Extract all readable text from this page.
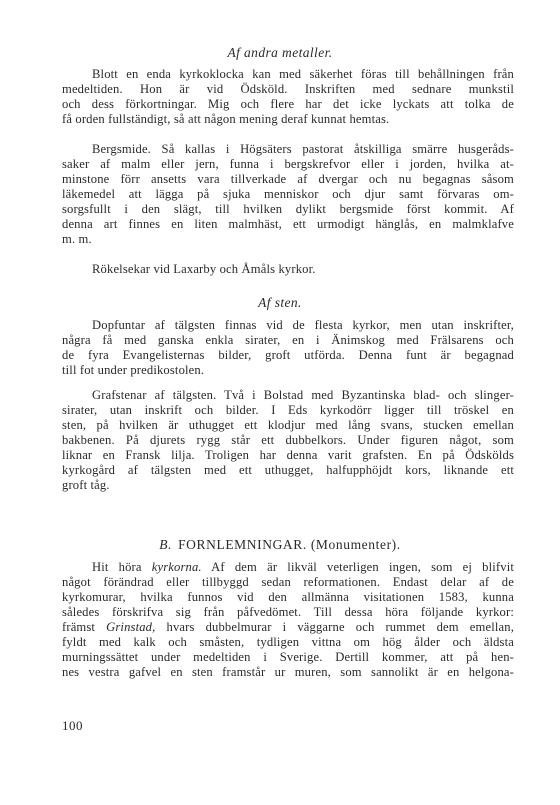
Af andra metaller.
Blott en enda kyrkoklocka kan med säkerhet föras till behållningen från
medeltiden. Hon är vid Ödsköld. Inskriften med sednare munkstil
och dess förkortningar. Mig och flere har det icke lyckats att tolka de
få orden fullständigt, så att någon mening deraf kunnat hemtas.
Bergsmide. Så kallas i Högsäters pastorat åtskilliga smärre husgeråds-
saker af malm eller jern, funna i bergskrefvor eller i jorden, hvilka at-
minstone förr ansetts vara tillverkade af dvergar och nu begagnas såsom
läkemedel att lägga på sjuka menniskor och djur samt förvaras om-
sorgsfullt i den slägt, till hvilken dylikt bergsmide först kommit. Af
denna art finnes en liten malmhäst, ett urmodigt hänglås, en malmklafve
m. m.
Rökelsekar vid Laxarby och Åmåls kyrkor.
Af sten.
Dopfuntar af tälgsten finnas vid de flesta kyrkor, men utan inskrifter,
några få med ganska enkla sirater, en i Änimskog med Frälsarens och
de fyra Evangelisternas bilder, groft utförda. Denna funt är begagnad
till fot under predikostolen.
Grafstenar af tälgsten. Två i Bolstad med Byzantinska blad- och slinger-
sirater, utan inskrift och bilder. I Eds kyrkodörr ligger till tröskel en
sten, på hvilken är uthugget ett klodjur med lång svans, stucken emellan
bakbenen. På djurets rygg står ett dubbelkors. Under figuren något, som
liknar en Fransk lilja. Troligen har denna varit grafsten. En på Ödskölds
kyrkogård af tälgsten med ett uthugget, halfupphöjdt kors, liknande ett
groft tåg.
B. FORNLEMNINGAR. (Monumenter).
Hit höra kyrkorna. Af dem är likväl veterligen ingen, som ej blifvit
något förändrad eller tillbyggd sedan reformationen. Endast delar af de
kyrkomurar, hvilka funnos vid den allmänna visitationen 1583, kunna
således förskrifva sig från påfvedömet. Till dessa höra följande kyrkor:
främst Grinstad, hvars dubbelmurar i väggarne och rummet dem emellan,
fyldt med kalk och småsten, tydligen vittna om hög ålder och äldsta
murningssättet under medeltiden i Sverige. Dertill kommer, att på hen-
nes vestra gafvel en sten framstår ur muren, som sannolikt är en helgona-
100
